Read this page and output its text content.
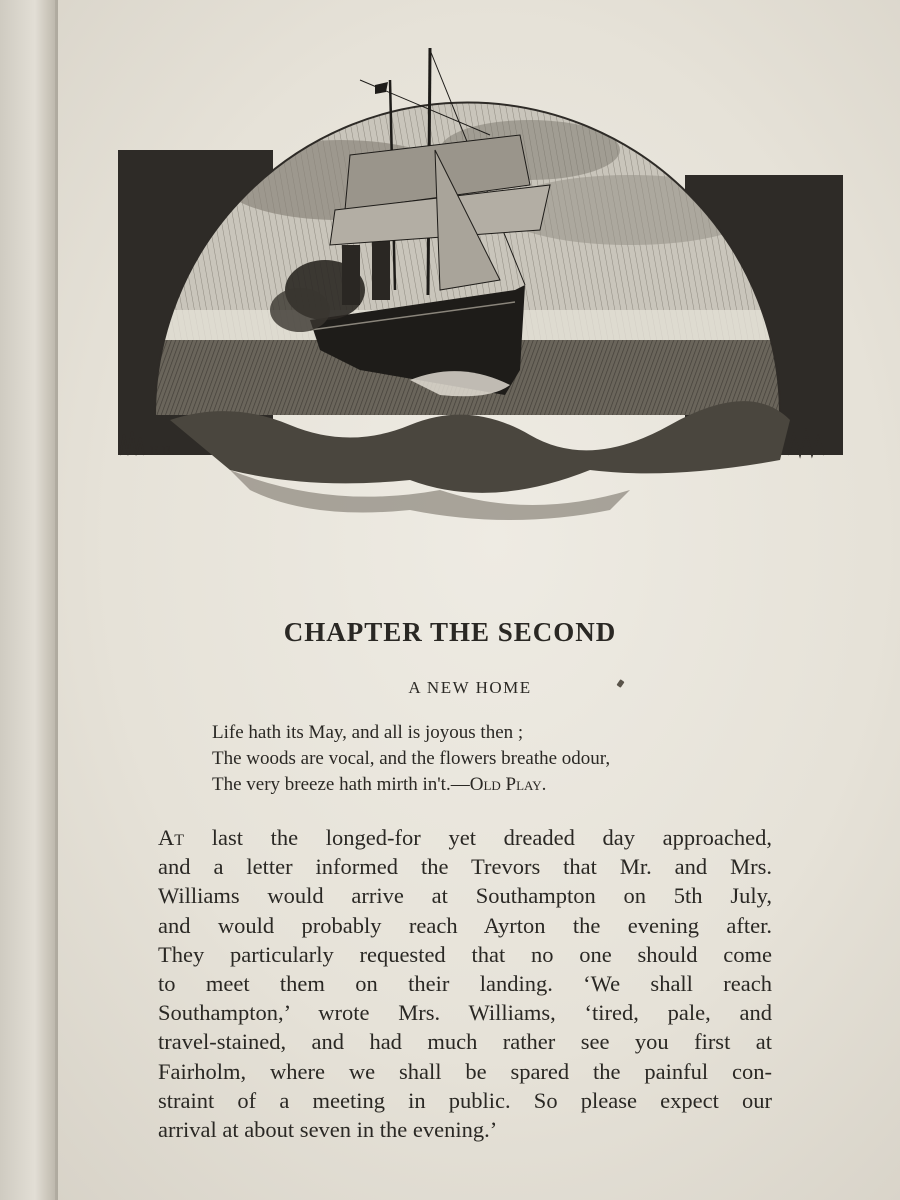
E.B.
CHAPTER THE SECOND
A NEW HOME
Life hath its May, and all is joyous then ;
The woods are vocal, and the flowers breathe odour,
The very breeze hath mirth in't.—Old Play.
At last the longed-for yet dreaded day approached,
and a letter informed the Trevors that Mr. and Mrs.
Williams would arrive at Southampton on 5th July,
and would probably reach Ayrton the evening after.
They particularly requested that no one should come
to meet them on their landing. ‘We shall reach
Southampton,’ wrote Mrs. Williams, ‘tired, pale, and
travel-stained, and had much rather see you first at
Fairholm, where we shall be spared the painful con-
straint of a meeting in public. So please expect our
arrival at about seven in the evening.’
